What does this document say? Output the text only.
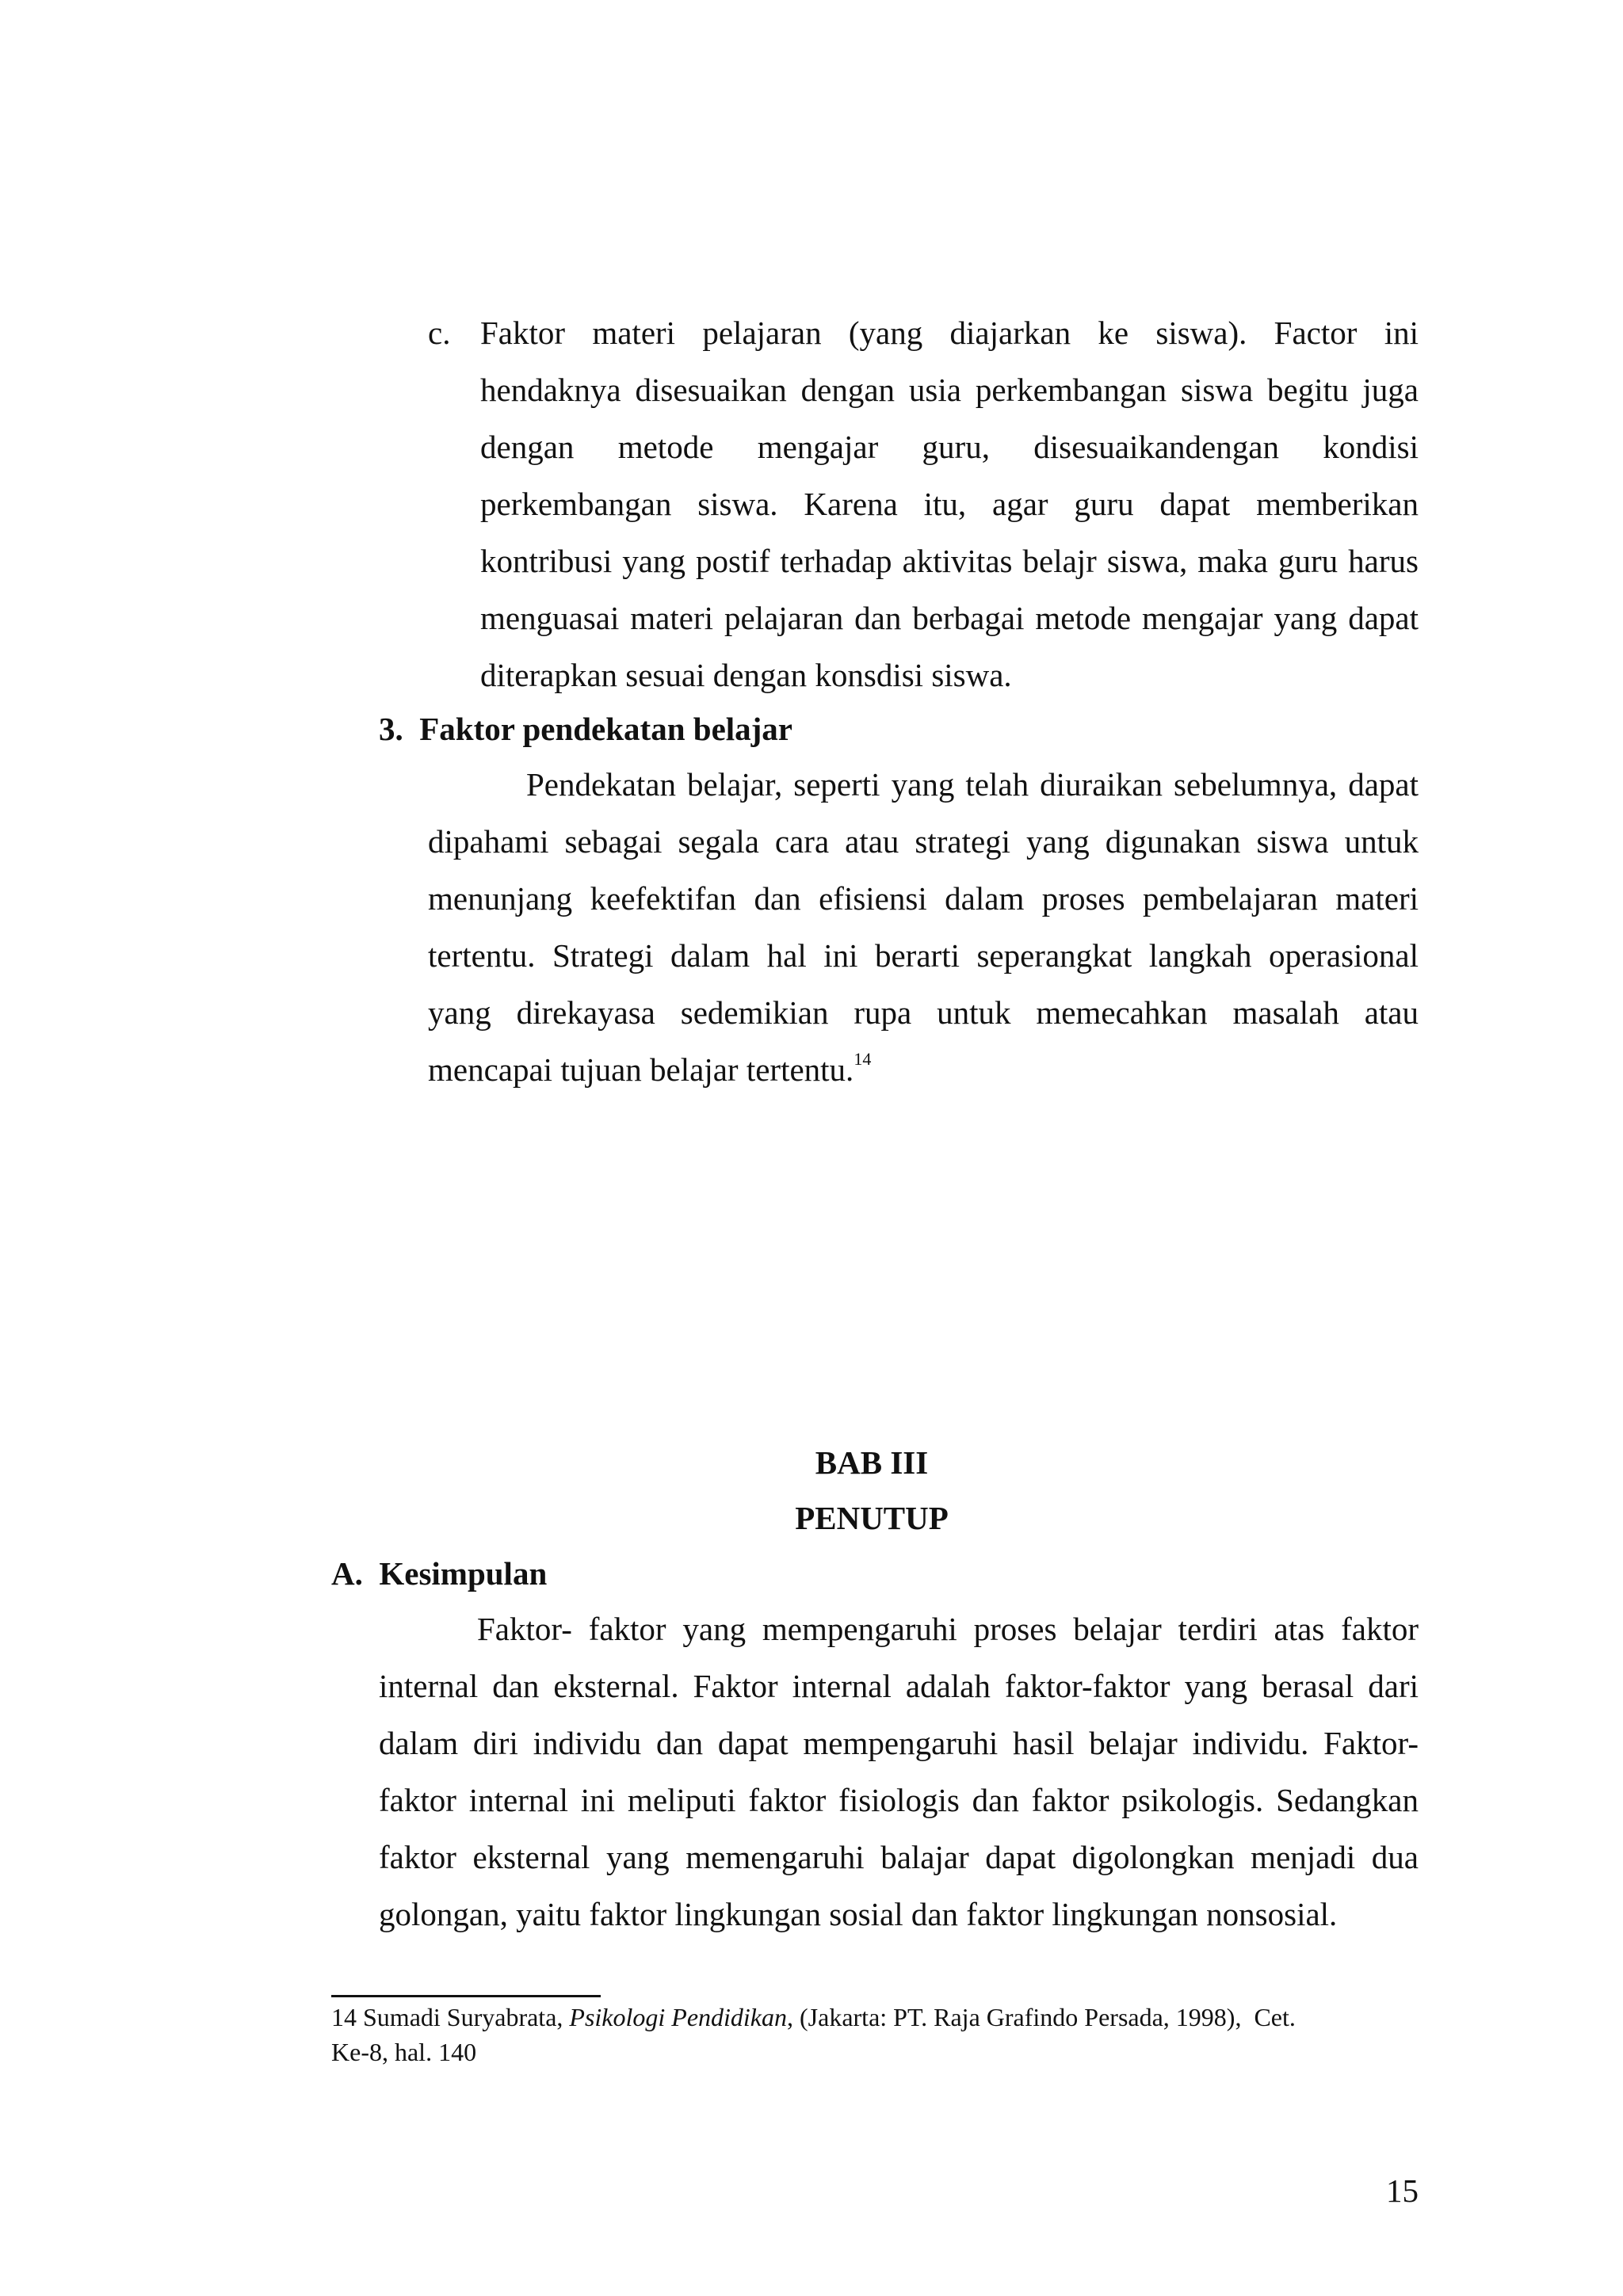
c. Faktor materi pelajaran (yang diajarkan ke siswa). Factor ini
hendaknya disesuaikan dengan usia perkembangan siswa begitu juga
dengan metode mengajar guru, disesuaikandengan kondisi
perkembangan siswa. Karena itu, agar guru dapat memberikan
kontribusi yang postif terhadap aktivitas belajr siswa, maka guru harus
menguasai materi pelajaran dan berbagai metode mengajar yang dapat
diterapkan sesuai dengan konsdisi siswa.
3.  Faktor pendekatan belajar
Pendekatan belajar, seperti yang telah diuraikan sebelumnya, dapat
dipahami sebagai segala cara atau strategi yang digunakan siswa untuk
menunjang keefektifan dan efisiensi dalam proses pembelajaran materi
tertentu. Strategi dalam hal ini berarti seperangkat langkah operasional
yang direkayasa sedemikian rupa untuk memecahkan masalah atau
mencapai tujuan belajar tertentu.$^{14}$
BAB III
PENUTUP
A.  Kesimpulan
Faktor- faktor yang mempengaruhi proses belajar terdiri atas faktor
internal dan eksternal. Faktor internal adalah faktor-faktor yang berasal dari
dalam diri individu dan dapat mempengaruhi hasil belajar individu. Faktor-
faktor internal ini meliputi faktor fisiologis dan faktor psikologis. Sedangkan
faktor eksternal yang memengaruhi balajar dapat digolongkan menjadi dua
golongan, yaitu faktor lingkungan sosial dan faktor lingkungan nonsosial.
14 Sumadi Suryabrata, Psikologi Pendidikan, (Jakarta: PT. Raja Grafindo Persada, 1998),  Cet.
Ke-8, hal. 140
15
